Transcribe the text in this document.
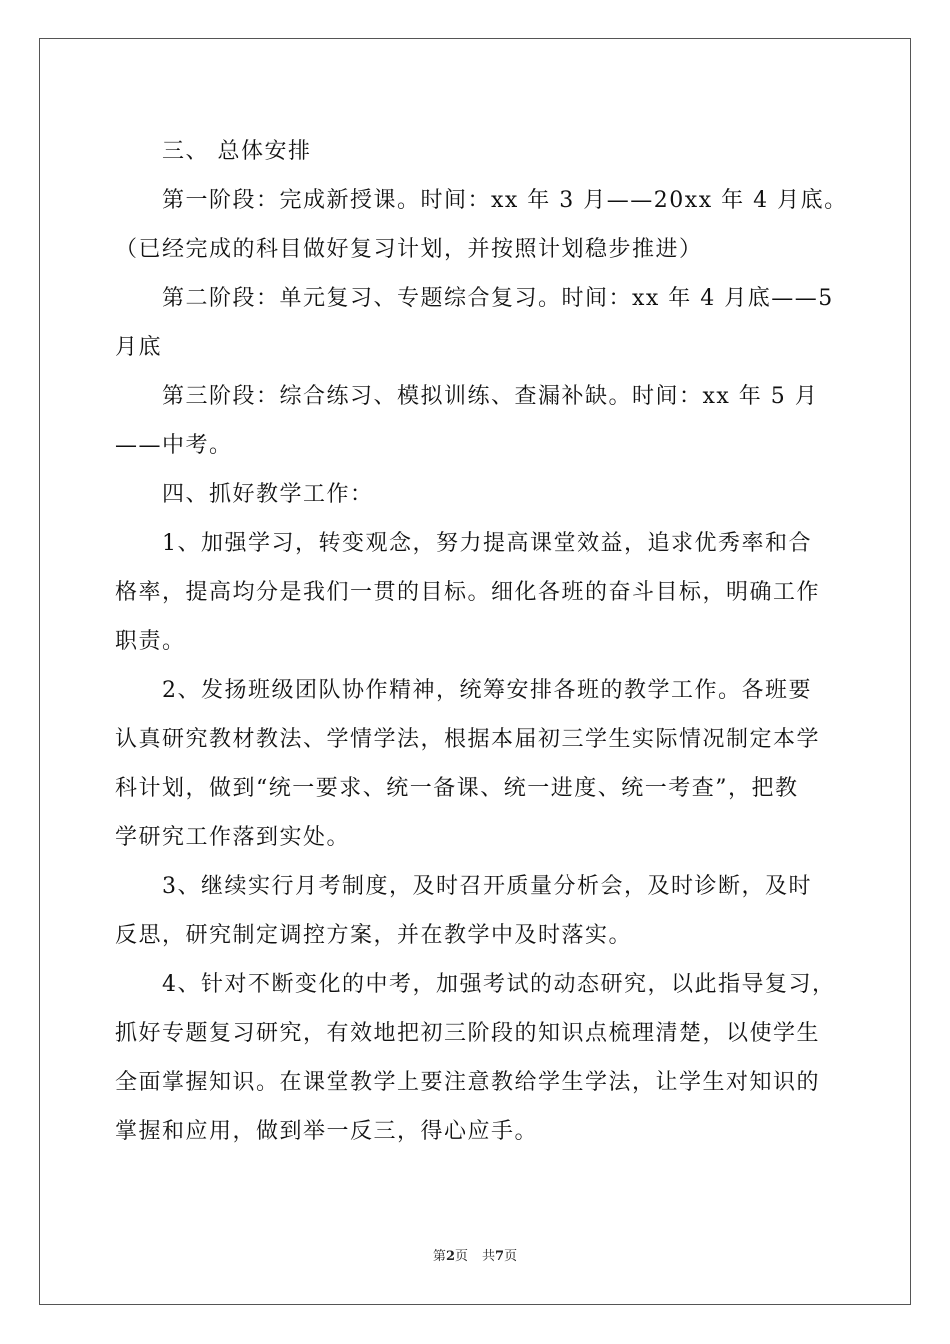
三、 总体安排
第一阶段：完成新授课。时间：xx 年 3 月——20xx 年 4 月底。
（已经完成的科目做好复习计划，并按照计划稳步推进）
第二阶段：单元复习、专题综合复习。时间：xx 年 4 月底——5
月底
第三阶段：综合练习、模拟训练、查漏补缺。时间：xx 年 5 月
——中考。
四、抓好教学工作：
1、加强学习，转变观念，努力提高课堂效益，追求优秀率和合
格率，提高均分是我们一贯的目标。细化各班的奋斗目标，明确工作
职责。
2、发扬班级团队协作精神，统筹安排各班的教学工作。各班要
认真研究教材教法、学情学法，根据本届初三学生实际情况制定本学
科计划，做到“统一要求、统一备课、统一进度、统一考查”，把教
学研究工作落到实处。
3、继续实行月考制度，及时召开质量分析会，及时诊断，及时
反思，研究制定调控方案，并在教学中及时落实。
4、针对不断变化的中考，加强考试的动态研究，以此指导复习，
抓好专题复习研究，有效地把初三阶段的知识点梳理清楚，以使学生
全面掌握知识。在课堂教学上要注意教给学生学法，让学生对知识的
掌握和应用，做到举一反三，得心应手。
第2页 共7页
